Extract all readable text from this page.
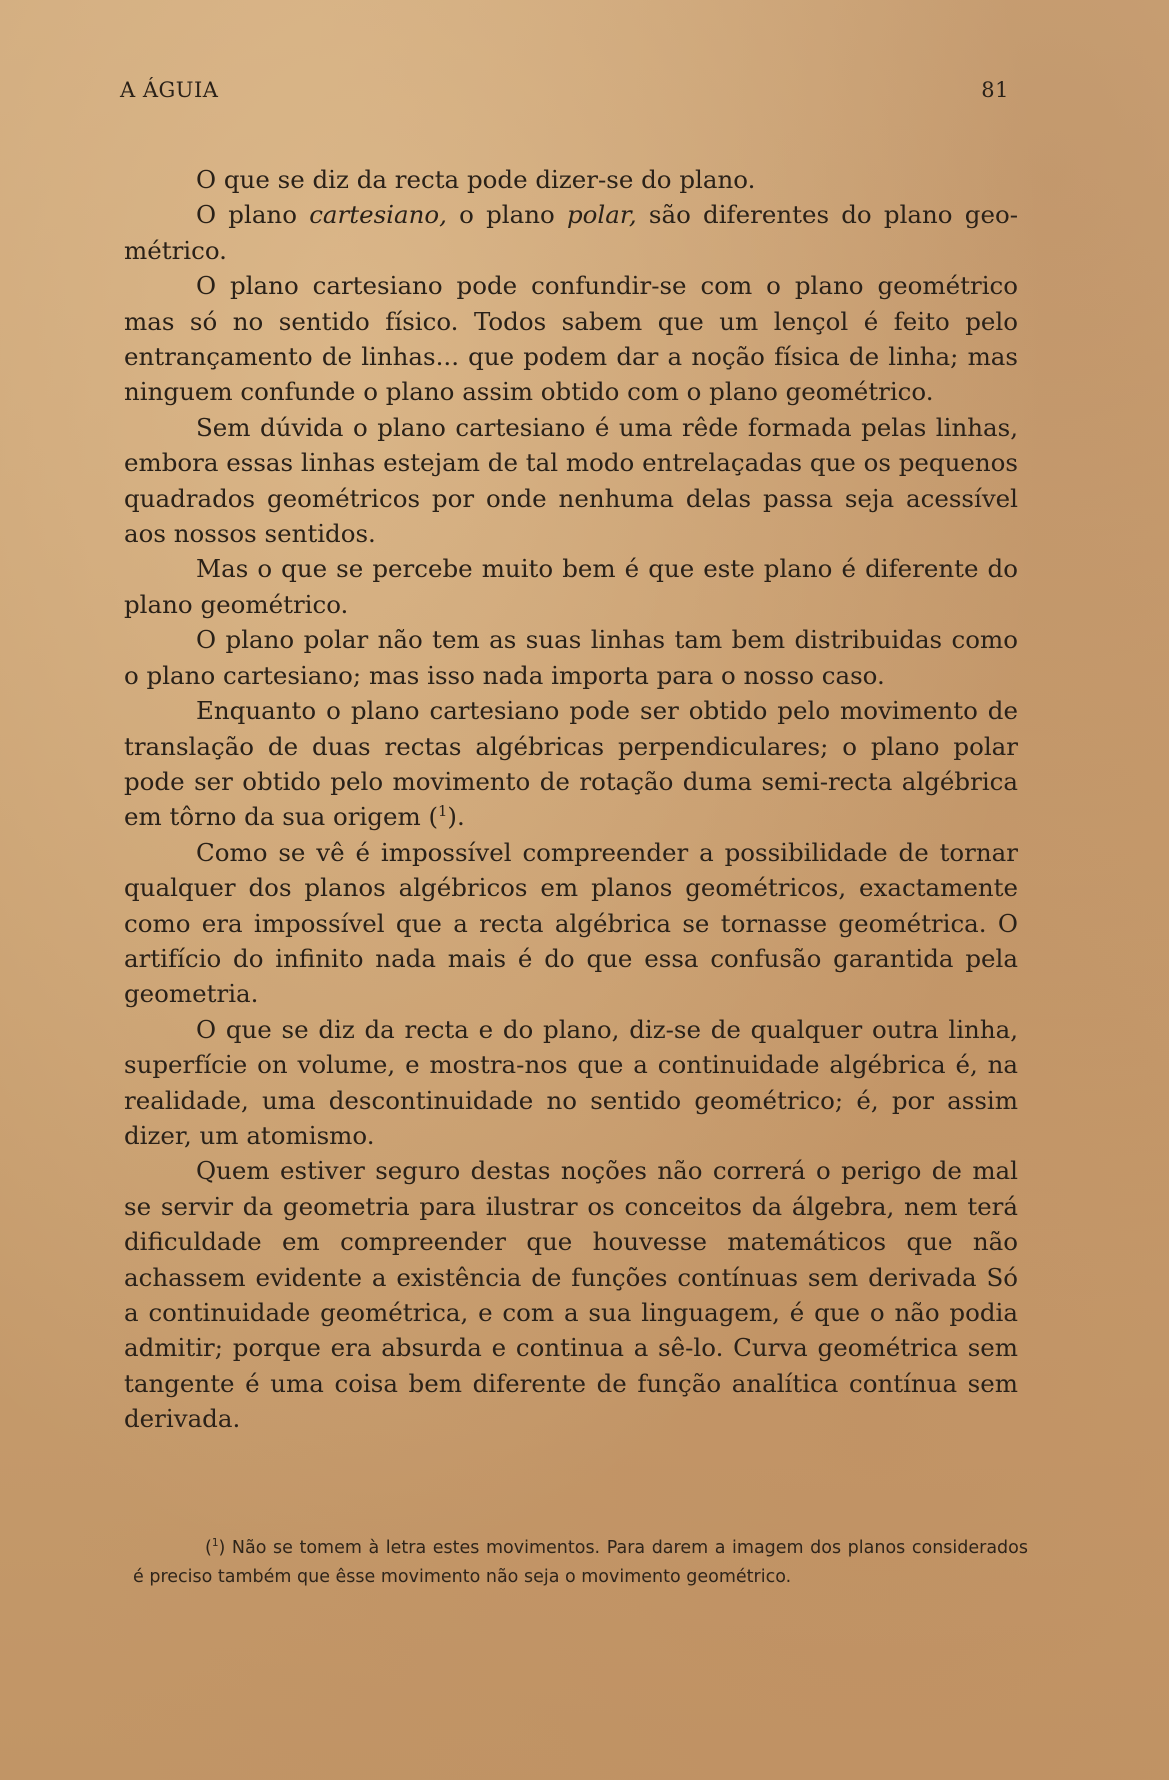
A ÁGUIA	81

O que se diz da recta pode dizer-se do plano.

O plano cartesiano, o plano polar, são diferentes do plano geométrico.

O plano cartesiano pode confundir-se com o plano geométrico mas só no sentido físico. Todos sabem que um lençol é feito pelo entrançamento de linhas... que podem dar a noção física de linha; mas ninguem confunde o plano assim obtido com o plano geométrico.

Sem dúvida o plano cartesiano é uma rêde formada pelas linhas, embora essas linhas estejam de tal modo entrelaçadas que os pequenos quadrados geométricos por onde nenhuma delas passa seja acessível aos nossos sentidos.

Mas o que se percebe muito bem é que este plano é diferente do plano geométrico.

O plano polar não tem as suas linhas tam bem distribuidas como o plano cartesiano; mas isso nada importa para o nosso caso.

Enquanto o plano cartesiano pode ser obtido pelo movimento de translação de duas rectas algébricas perpendiculares; o plano polar pode ser obtido pelo movimento de rotação duma semi-recta algébrica em tôrno da sua origem ($^1$).

Como se vê é impossível compreender a possibilidade de tornar qualquer dos planos algébricos em planos geométricos, exactamente como era impossível que a recta algébrica se tornasse geométrica. O artifício do infinito nada mais é do que essa confusão garantida pela geometria.

O que se diz da recta e do plano, diz-se de qualquer outra linha, superfície on volume, e mostra-nos que a continuidade algébrica é, na realidade, uma descontinuidade no sentido geométrico; é, por assim dizer, um atomismo.

Quem estiver seguro destas noções não correrá o perigo de mal se servir da geometria para ilustrar os conceitos da álgebra, nem terá dificuldade em compreender que houvesse matemáticos que não achassem evidente a existência de funções contínuas sem derivada Só a continuidade geométrica, e com a sua linguagem, é que o não podia admitir; porque era absurda e continua a sê-lo. Curva geométrica sem tangente é uma coisa bem diferente de função analítica contínua sem derivada.

($^1$) Não se tomem à letra estes movimentos. Para darem a imagem dos planos considerados é preciso também que êsse movimento não seja o movimento geométrico.
